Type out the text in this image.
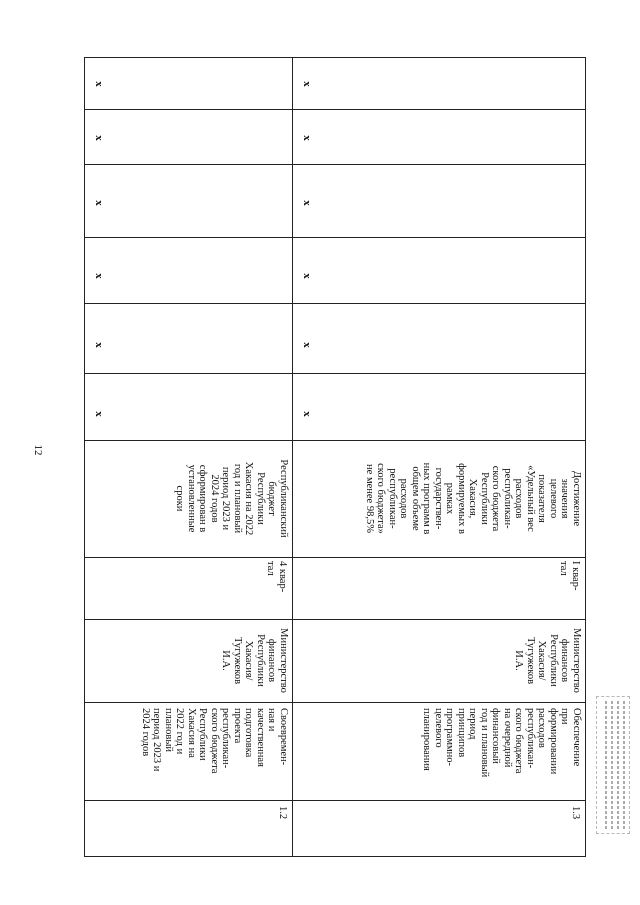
12
1.2
Своевремен-
ная и
качественная
подготовка
проекта
республикан-
ского бюджета
Республики
Хакасия на
2022 год и
плановый
период 2023 и
2024 годов
Министерство
финансов
Республики
Хакасия/
Тугужеков
И.А.
4 квар-
тал
Республиканский
бюджет
Республики
Хакасия на 2022
год и плановый
период 2023 и
2024 годов
сформирован в
установленные
сроки
1.3
Обеспечение
при
формировании
расходов
республикан-
ского бюджета
на очередной
финансовый
год и плановый
период
принципов
программно-
целевого
планирования
Министерство
финансов
Республики
Хакасия/
Тугужеков
И.А.
I квар-
тал
Достижение
значения
целевого
показателя
«Удельный вес
расходов
республикан-
ского бюджета
Республики
Хакасия,
формируемых в
рамках
государствен-
ных программ в
общем объеме
расходов
республикан-
ского бюджета»
не менее 98,5%
x
x
x
x
x
x
x
x
x
x
x
x
